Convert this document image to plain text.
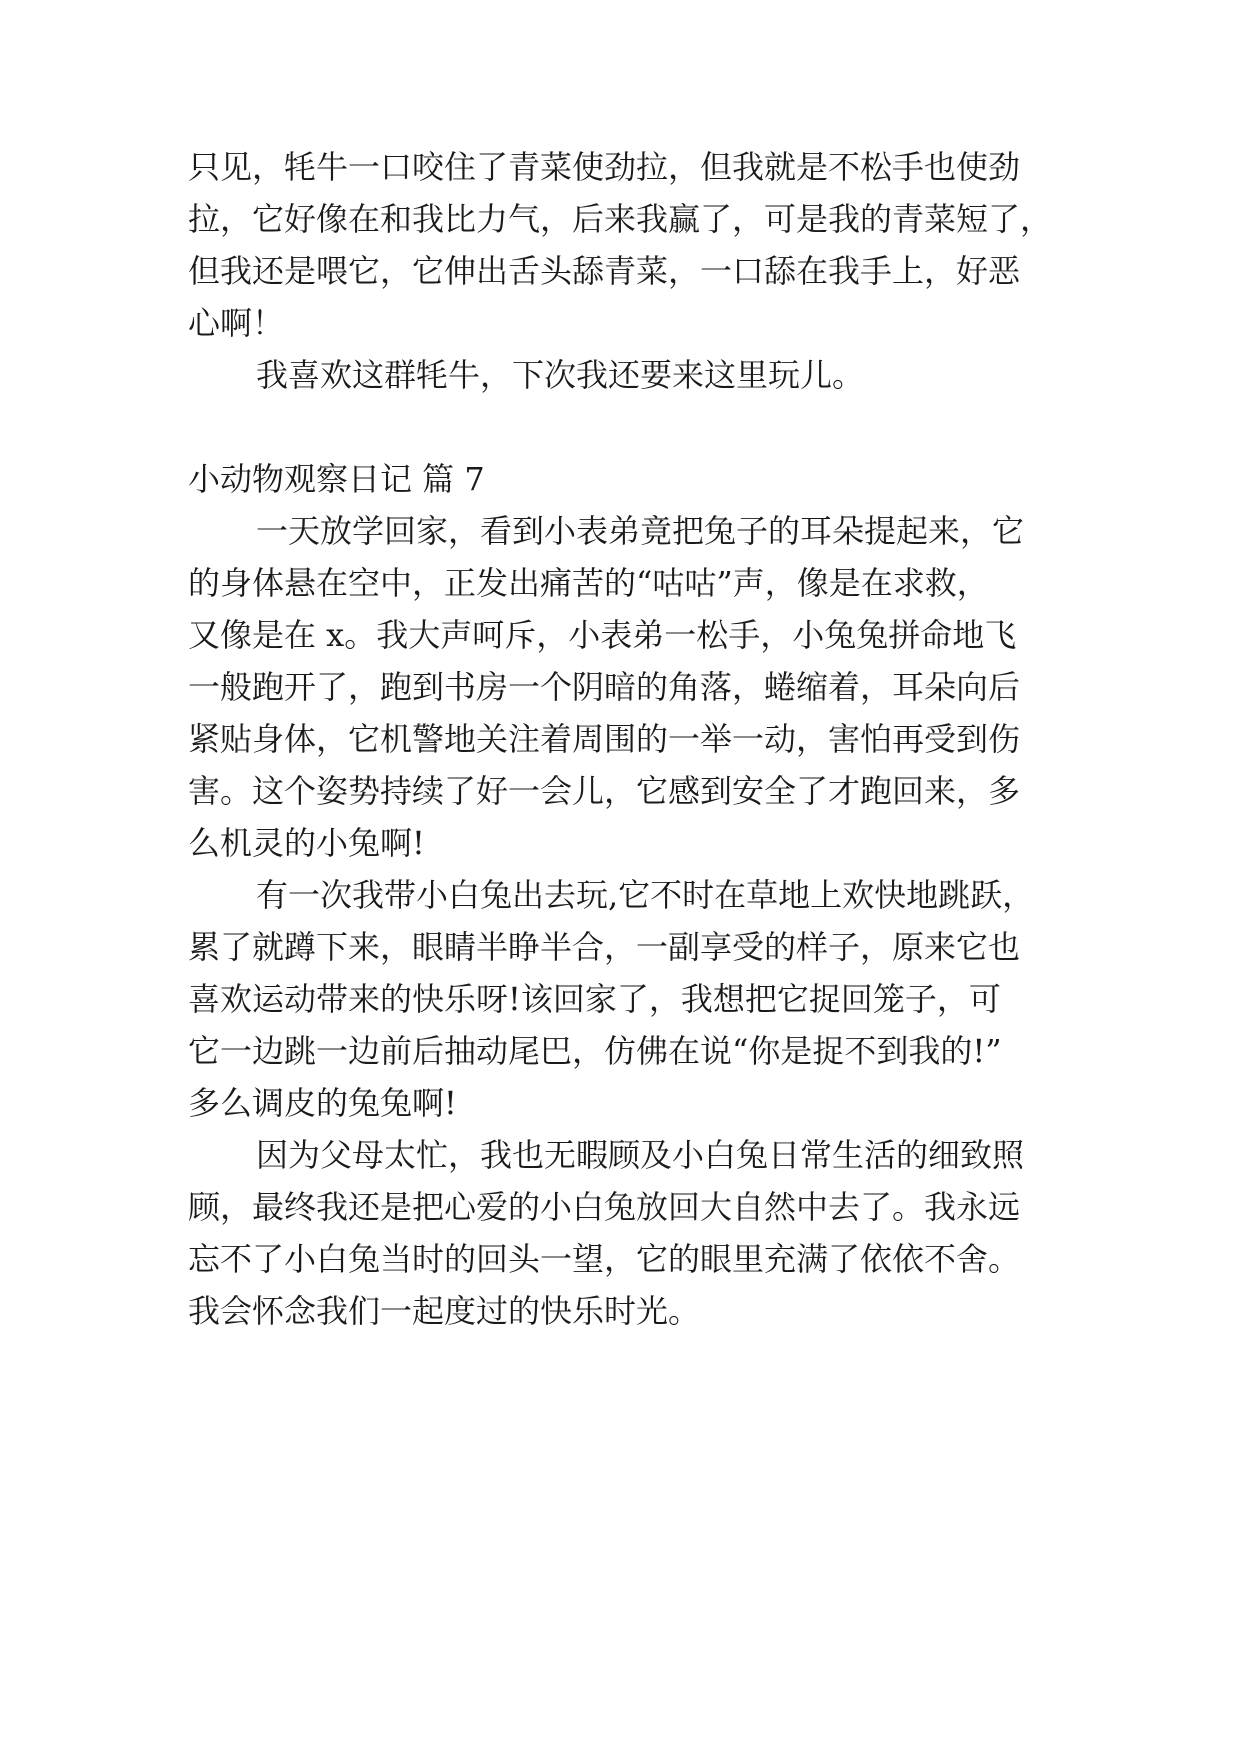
只见，牦牛一口咬住了青菜使劲拉，但我就是不松手也使劲
拉，它好像在和我比力气，后来我赢了，可是我的青菜短了，
但我还是喂它，它伸出舌头舔青菜，一口舔在我手上，好恶
心啊！
我喜欢这群牦牛，下次我还要来这里玩儿。
小动物观察日记 篇 7
一天放学回家，看到小表弟竟把兔子的耳朵提起来，它
的身体悬在空中，正发出痛苦的“咕咕”声，像是在求救，
又像是在 x。我大声呵斥，小表弟一松手，小兔兔拼命地飞
一般跑开了，跑到书房一个阴暗的角落，蜷缩着，耳朵向后
紧贴身体，它机警地关注着周围的一举一动，害怕再受到伤
害。这个姿势持续了好一会儿，它感到安全了才跑回来，多
么机灵的小兔啊!
有一次我带小白兔出去玩,它不时在草地上欢快地跳跃，
累了就蹲下来，眼睛半睁半合，一副享受的样子，原来它也
喜欢运动带来的快乐呀!该回家了，我想把它捉回笼子，可
它一边跳一边前后抽动尾巴，仿佛在说“你是捉不到我的!”
多么调皮的兔兔啊!
因为父母太忙，我也无暇顾及小白兔日常生活的细致照
顾，最终我还是把心爱的小白兔放回大自然中去了。我永远
忘不了小白兔当时的回头一望，它的眼里充满了依依不舍。
我会怀念我们一起度过的快乐时光。
